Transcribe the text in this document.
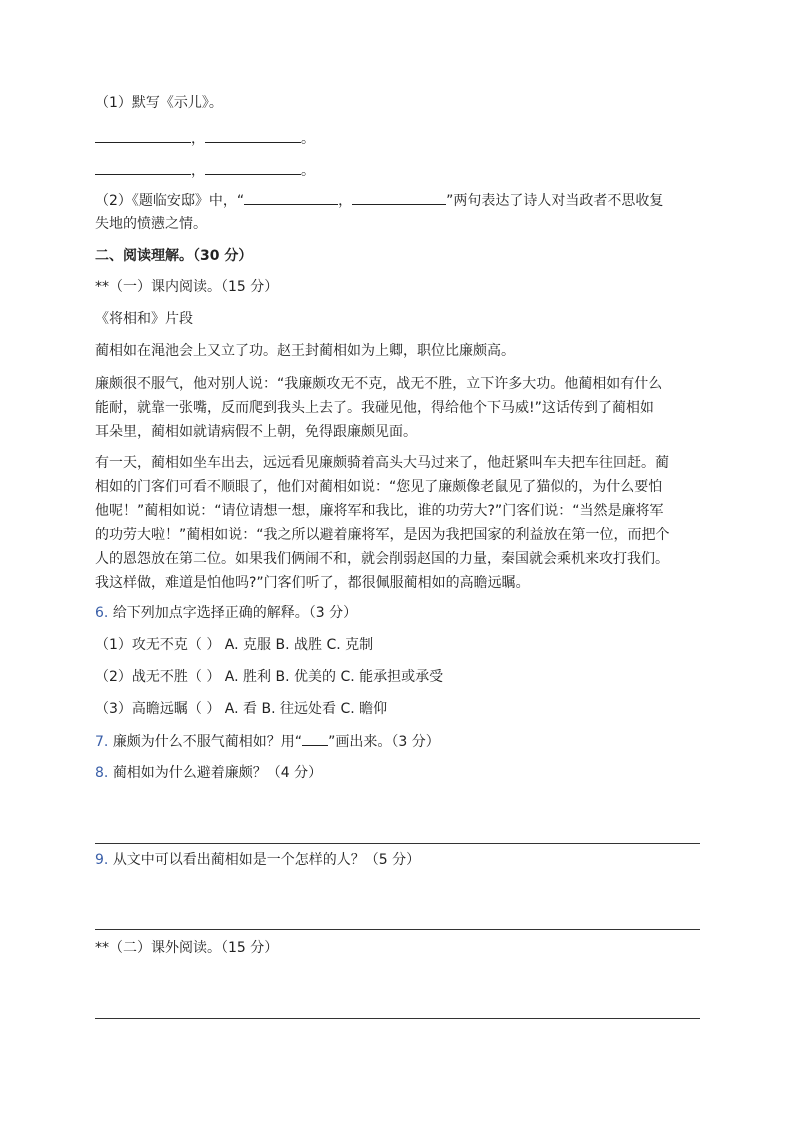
（1）默写《示儿》。
，	。
，	。
（2）《题临安邸》中，“	，	”两句表达了诗人对当政者不思收复
失地的愤懑之情。
二、阅读理解。（30 分）
**（一）课内阅读。（15 分）
《将相和》片段
蔺相如在渑池会上又立了功。赵王封蔺相如为上卿，职位比廉颇高。
廉颇很不服气，他对别人说：“我廉颇攻无不克，战无不胜，立下许多大功。他蔺相如有什么
能耐，就靠一张嘴，反而爬到我头上去了。我碰见他，得给他个下马威!”这话传到了蔺相如
耳朵里，蔺相如就请病假不上朝，免得跟廉颇见面。
有一天，蔺相如坐车出去，远远看见廉颇骑着高头大马过来了，他赶紧叫车夫把车往回赶。蔺
相如的门客们可看不顺眼了，他们对蔺相如说：“您见了廉颇像老鼠见了猫似的，为什么要怕
他呢！”蔺相如说：“请位请想一想，廉将军和我比，谁的功劳大?”门客们说：“当然是廉将军
的功劳大啦！”蔺相如说：“我之所以避着廉将军，是因为我把国家的利益放在第一位，而把个
人的恩怨放在第二位。如果我们俩闹不和，就会削弱赵国的力量，秦国就会乘机来攻打我们。
我这样做，难道是怕他吗?”门客们听了，都很佩服蔺相如的高瞻远瞩。
6. 给下列加点字选择正确的解释。（3 分）
（1）攻无不克（ ） A. 克服 B. 战胜 C. 克制
（2）战无不胜（ ） A. 胜利 B. 优美的 C. 能承担或承受
（3）高瞻远瞩（ ） A. 看 B. 往远处看 C. 瞻仰
7. 廉颇为什么不服气蔺相如？用“ ”画出来。（3 分）
8. 蔺相如为什么避着廉颇？（4 分）
9. 从文中可以看出蔺相如是一个怎样的人？（5 分）
**（二）课外阅读。（15 分）
